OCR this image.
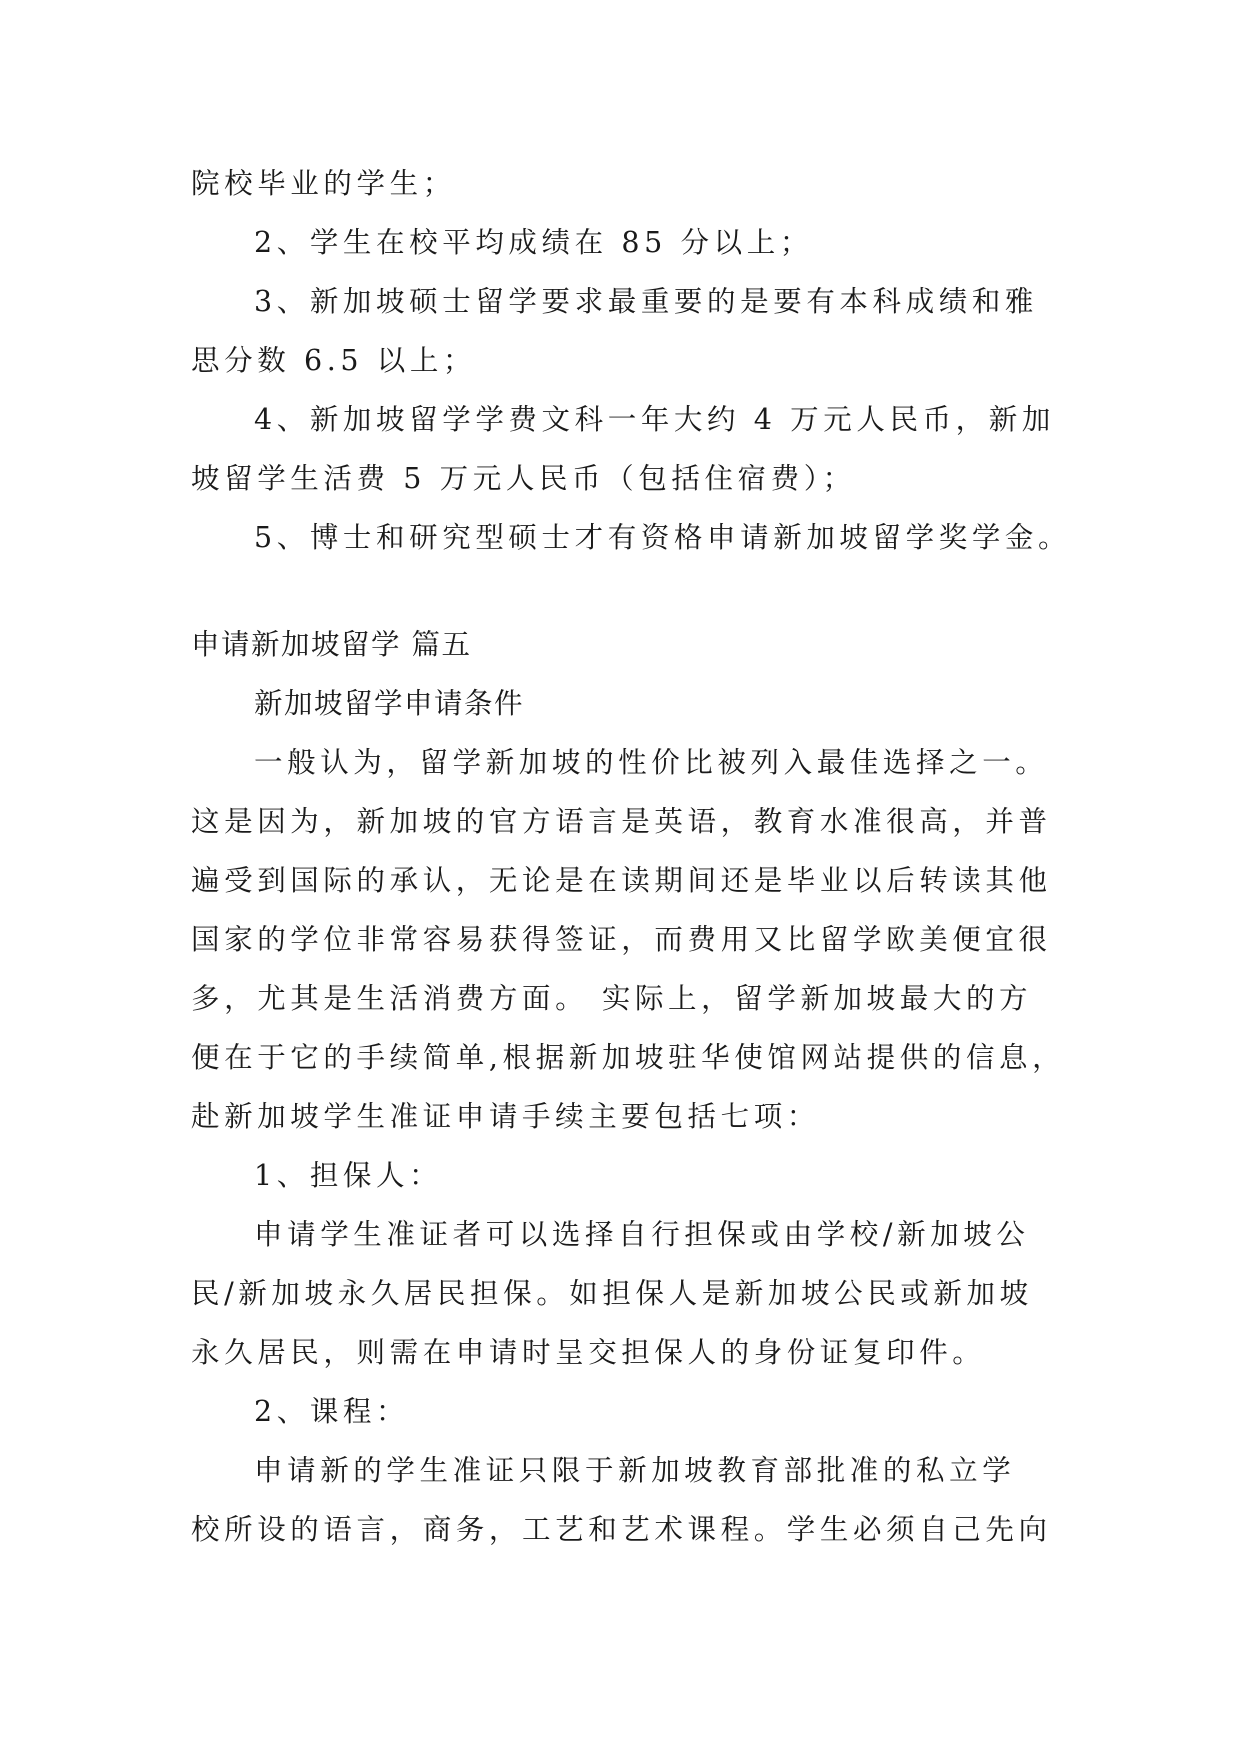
院校毕业的学生；
2、学生在校平均成绩在 85 分以上；
3、新加坡硕士留学要求最重要的是要有本科成绩和雅
思分数 6.5 以上；
4、新加坡留学学费文科一年大约 4 万元人民币，新加
坡留学生活费 5 万元人民币（包括住宿费）；
5、博士和研究型硕士才有资格申请新加坡留学奖学金。
申请新加坡留学 篇五
新加坡留学申请条件
一般认为，留学新加坡的性价比被列入最佳选择之一。
这是因为，新加坡的官方语言是英语，教育水准很高，并普
遍受到国际的承认，无论是在读期间还是毕业以后转读其他
国家的学位非常容易获得签证，而费用又比留学欧美便宜很
多，尤其是生活消费方面。 实际上，留学新加坡最大的方
便在于它的手续简单,根据新加坡驻华使馆网站提供的信息，
赴新加坡学生准证申请手续主要包括七项：
1、担保人：
申请学生准证者可以选择自行担保或由学校/新加坡公
民/新加坡永久居民担保。如担保人是新加坡公民或新加坡
永久居民，则需在申请时呈交担保人的身份证复印件。
2、课程：
申请新的学生准证只限于新加坡教育部批准的私立学
校所设的语言，商务，工艺和艺术课程。学生必须自己先向
